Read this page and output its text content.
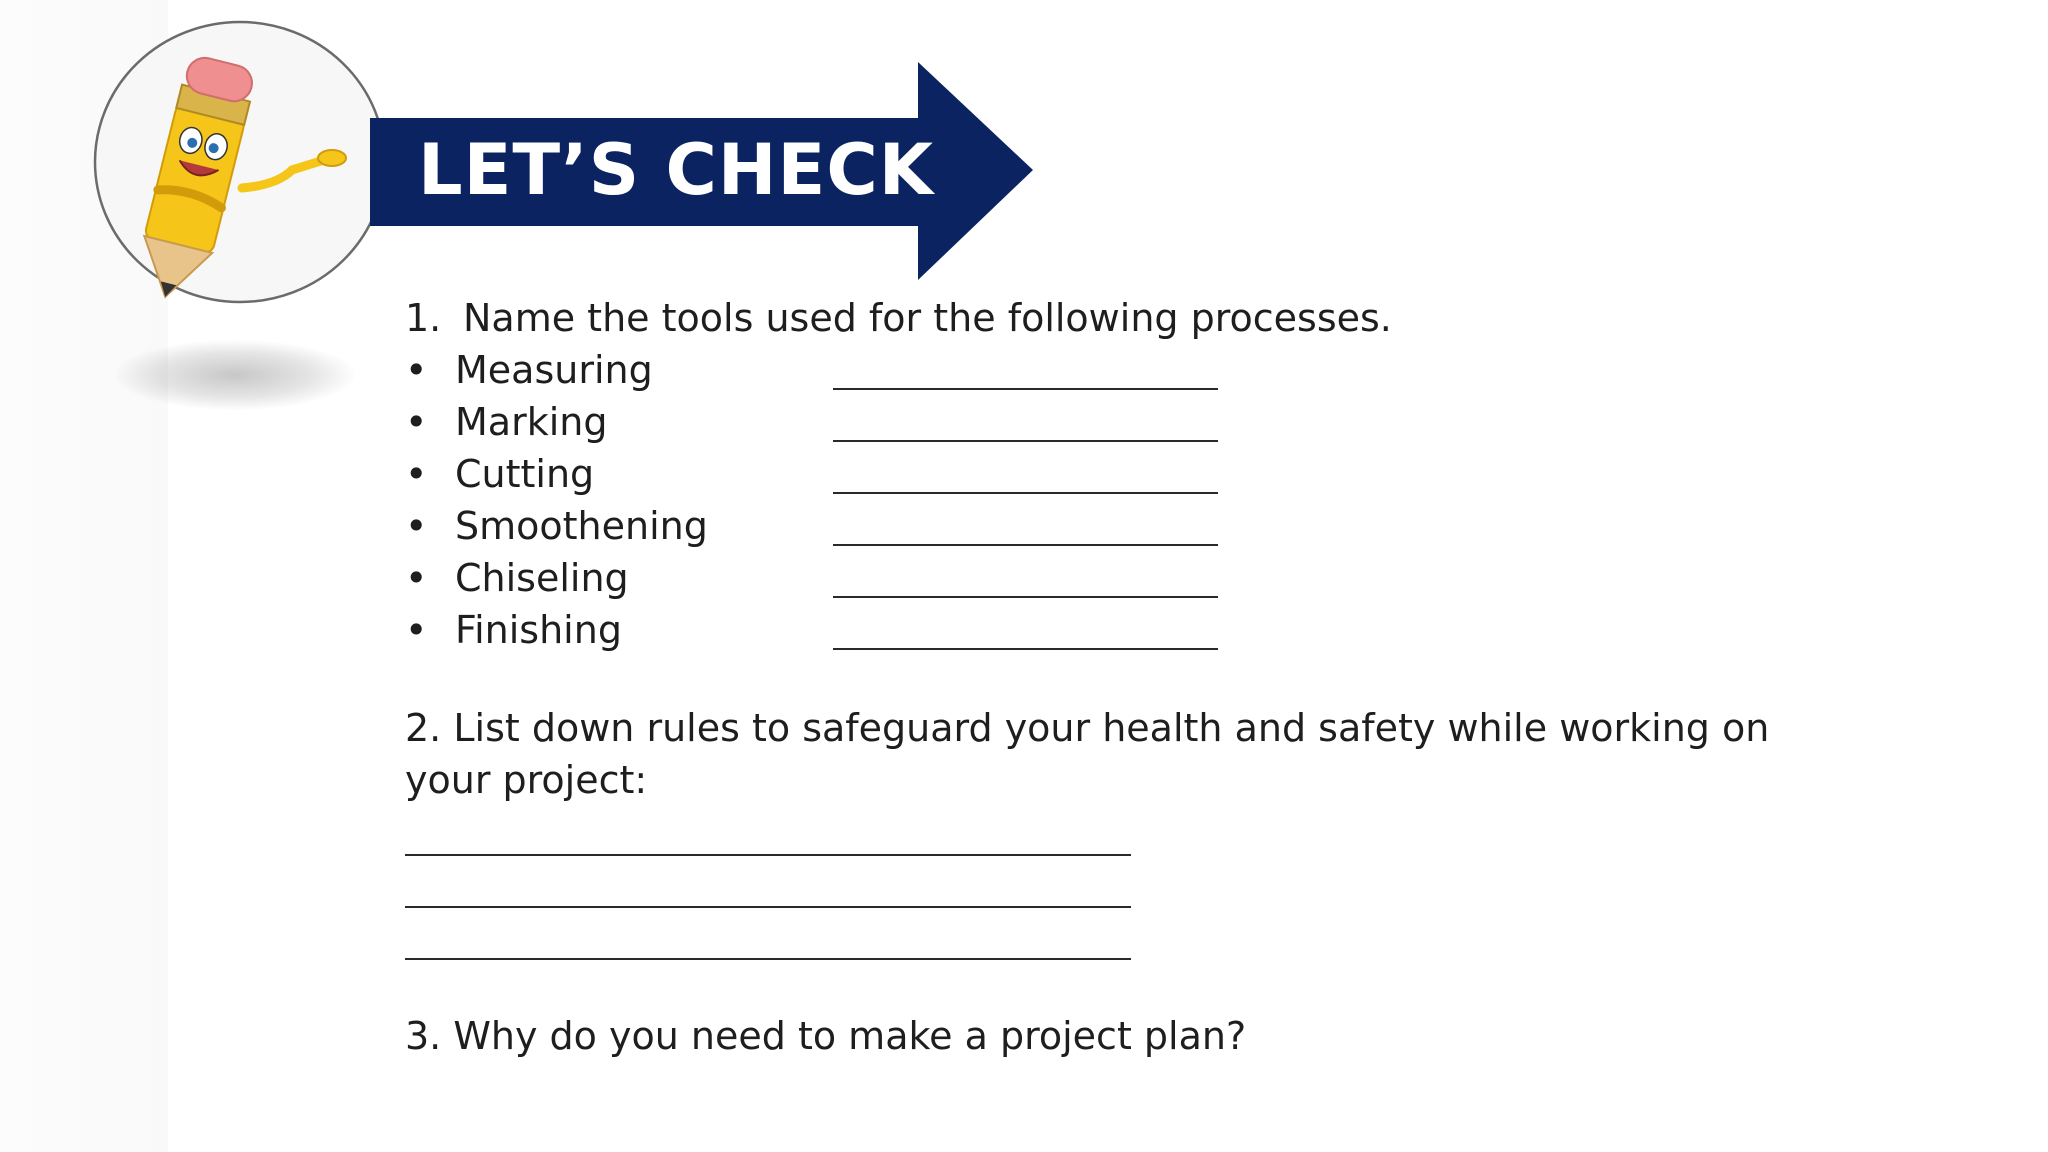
LET’S CHECK
1. Name the tools used for the following processes.
• Measuring
• Marking
• Cutting
• Smoothening
• Chiseling
• Finishing
2. List down rules to safeguard your health and safety while working on your project:
3. Why do you need to make a project plan?
